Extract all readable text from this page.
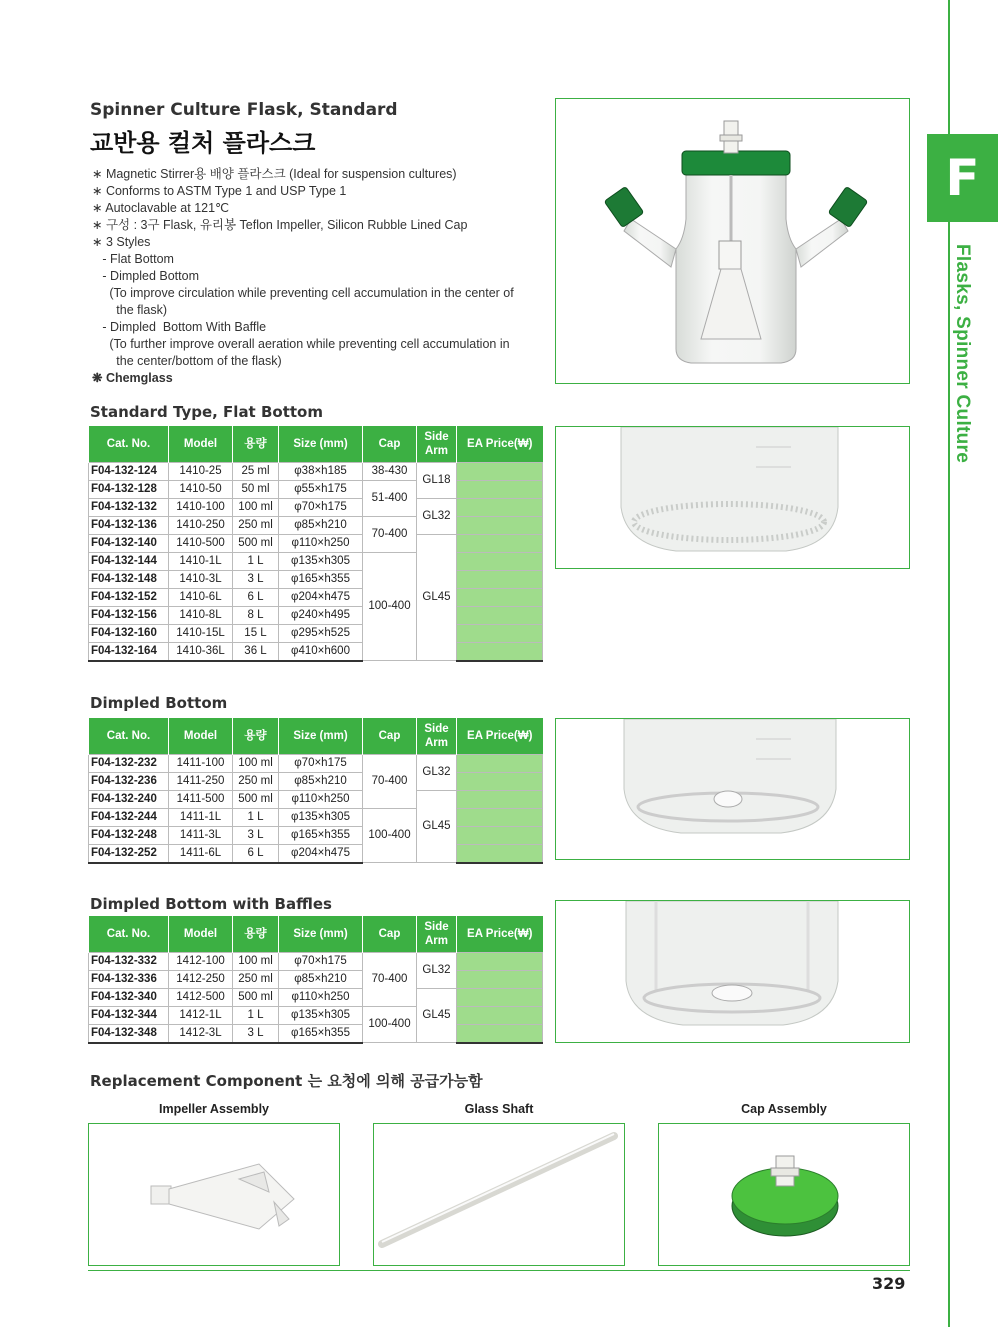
F
Flasks, Spinner Culture
Spinner Culture Flask, Standard
교반용 컬처 플라스크
∗ Magnetic Stirrer용 배양 플라스크 (Ideal for suspension cultures)
∗ Conforms to ASTM Type 1 and USP Type 1
∗ Autoclavable at 121℃
∗ 구성 : 3구 Flask, 유리봉 Teflon Impeller, Silicon Rubble Lined Cap
∗ 3 Styles
- Flat Bottom
- Dimpled Bottom
(To improve circulation while preventing cell accumulation in the center of
the flask)
- Dimpled  Bottom With Baffle
(To further improve overall aeration while preventing cell accumulation in
the center/bottom of the flask)
❋ Chemglass
Standard Type, Flat Bottom
Cat. No.	Model	용량	Size (mm)	Cap	Side Arm	EA Price(₩)
F04-132-124	1410-25	25 ml	φ38×h185	38-430	GL18	
F04-132-128	1410-50	50 ml	φ55×h175	51-400		
F04-132-132	1410-100	100 ml	φ70×h175		GL32	
F04-132-136	1410-250	250 ml	φ85×h210	70-400		
F04-132-140	1410-500	500 ml	φ110×h250		GL45	
F04-132-144	1410-1L	1 L	φ135×h305	100-400		
F04-132-148	1410-3L	3 L	φ165×h355			
F04-132-152	1410-6L	6 L	φ204×h475			
F04-132-156	1410-8L	8 L	φ240×h495			
F04-132-160	1410-15L	15 L	φ295×h525			
F04-132-164	1410-36L	36 L	φ410×h600			
Dimpled Bottom
Cat. No.	Model	용량	Size (mm)	Cap	Side Arm	EA Price(₩)
F04-132-232	1411-100	100 ml	φ70×h175	70-400	GL32	
F04-132-236	1411-250	250 ml	φ85×h210			
F04-132-240	1411-500	500 ml	φ110×h250		GL45	
F04-132-244	1411-1L	1 L	φ135×h305	100-400		
F04-132-248	1411-3L	3 L	φ165×h355			
F04-132-252	1411-6L	6 L	φ204×h475			
Dimpled Bottom with Baffles
Cat. No.	Model	용량	Size (mm)	Cap	Side Arm	EA Price(₩)
F04-132-332	1412-100	100 ml	φ70×h175	70-400	GL32	
F04-132-336	1412-250	250 ml	φ85×h210			
F04-132-340	1412-500	500 ml	φ110×h250		GL45	
F04-132-344	1412-1L	1 L	φ135×h305	100-400		
F04-132-348	1412-3L	3 L	φ165×h355			
Replacement Component 는 요청에 의해 공급가능함
Impeller Assembly	Glass Shaft	Cap Assembly
329
